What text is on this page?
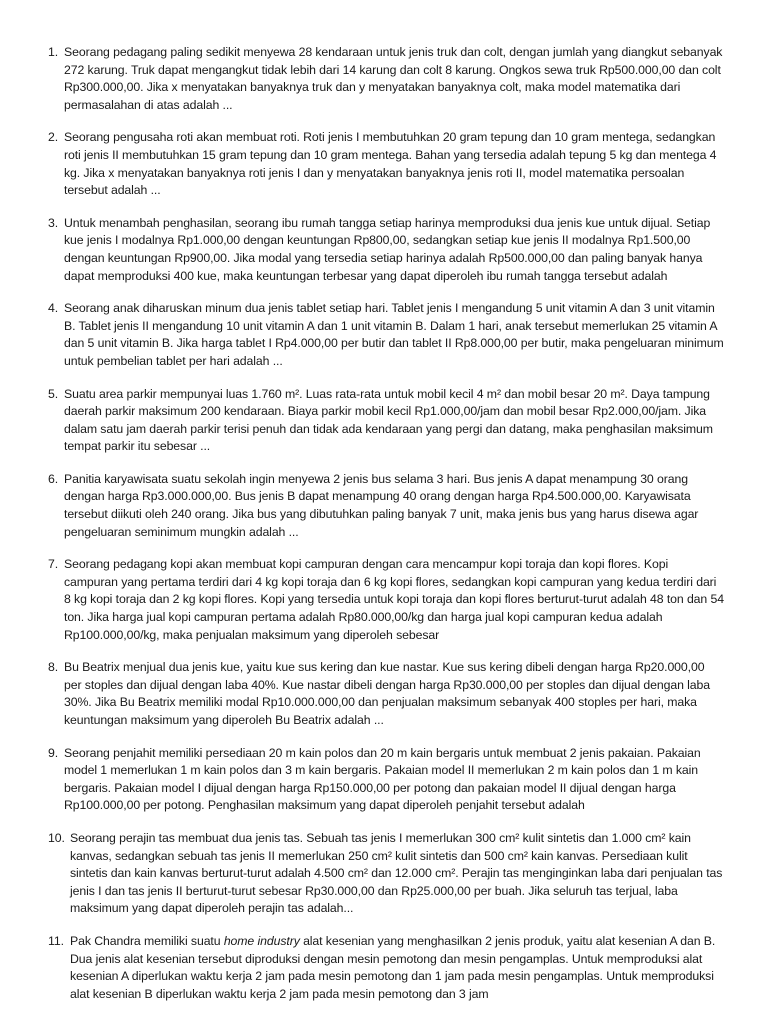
1. Seorang pedagang paling sedikit menyewa 28 kendaraan untuk jenis truk dan colt, dengan jumlah yang diangkut sebanyak 272 karung. Truk dapat mengangkut tidak lebih dari 14 karung dan colt 8 karung. Ongkos sewa truk Rp500.000,00 dan colt Rp300.000,00. Jika x menyatakan banyaknya truk dan y menyatakan banyaknya colt, maka model matematika dari permasalahan di atas adalah ...
2. Seorang pengusaha roti akan membuat roti. Roti jenis I membutuhkan 20 gram tepung dan 10 gram mentega, sedangkan roti jenis II membutuhkan 15 gram tepung dan 10 gram mentega. Bahan yang tersedia adalah tepung 5 kg dan mentega 4 kg. Jika x menyatakan banyaknya roti jenis I dan y menyatakan banyaknya jenis roti II, model matematika persoalan tersebut adalah ...
3. Untuk menambah penghasilan, seorang ibu rumah tangga setiap harinya memproduksi dua jenis kue untuk dijual. Setiap kue jenis I modalnya Rp1.000,00 dengan keuntungan Rp800,00, sedangkan setiap kue jenis II modalnya Rp1.500,00 dengan keuntungan Rp900,00. Jika modal yang tersedia setiap harinya adalah Rp500.000,00 dan paling banyak hanya dapat memproduksi 400 kue, maka keuntungan terbesar yang dapat diperoleh ibu rumah tangga tersebut adalah
4. Seorang anak diharuskan minum dua jenis tablet setiap hari. Tablet jenis I mengandung 5 unit vitamin A dan 3 unit vitamin B. Tablet jenis II mengandung 10 unit vitamin A dan 1 unit vitamin B. Dalam 1 hari, anak tersebut memerlukan 25 vitamin A dan 5 unit vitamin B. Jika harga tablet I Rp4.000,00 per butir dan tablet II Rp8.000,00 per butir, maka pengeluaran minimum untuk pembelian tablet per hari adalah ...
5. Suatu area parkir mempunyai luas 1.760 m². Luas rata-rata untuk mobil kecil 4 m² dan mobil besar 20 m². Daya tampung daerah parkir maksimum 200 kendaraan. Biaya parkir mobil kecil Rp1.000,00/jam dan mobil besar Rp2.000,00/jam. Jika dalam satu jam daerah parkir terisi penuh dan tidak ada kendaraan yang pergi dan datang, maka penghasilan maksimum tempat parkir itu sebesar ...
6. Panitia karyawisata suatu sekolah ingin menyewa 2 jenis bus selama 3 hari. Bus jenis A dapat menampung 30 orang dengan harga Rp3.000.000,00. Bus jenis B dapat menampung 40 orang dengan harga Rp4.500.000,00. Karyawisata tersebut diikuti oleh 240 orang. Jika bus yang dibutuhkan paling banyak 7 unit, maka jenis bus yang harus disewa agar pengeluaran seminimum mungkin adalah ...
7. Seorang pedagang kopi akan membuat kopi campuran dengan cara mencampur kopi toraja dan kopi flores. Kopi campuran yang pertama terdiri dari 4 kg kopi toraja dan 6 kg kopi flores, sedangkan kopi campuran yang kedua terdiri dari 8 kg kopi toraja dan 2 kg kopi flores. Kopi yang tersedia untuk kopi toraja dan kopi flores berturut-turut adalah 48 ton dan 54 ton. Jika harga jual kopi campuran pertama adalah Rp80.000,00/kg dan harga jual kopi campuran kedua adalah Rp100.000,00/kg, maka penjualan maksimum yang diperoleh sebesar
8. Bu Beatrix menjual dua jenis kue, yaitu kue sus kering dan kue nastar. Kue sus kering dibeli dengan harga Rp20.000,00 per stoples dan dijual dengan laba 40%. Kue nastar dibeli dengan harga Rp30.000,00 per stoples dan dijual dengan laba 30%. Jika Bu Beatrix memiliki modal Rp10.000.000,00 dan penjualan maksimum sebanyak 400 stoples per hari, maka keuntungan maksimum yang diperoleh Bu Beatrix adalah ...
9. Seorang penjahit memiliki persediaan 20 m kain polos dan 20 m kain bergaris untuk membuat 2 jenis pakaian. Pakaian model 1 memerlukan 1 m kain polos dan 3 m kain bergaris. Pakaian model II memerlukan 2 m kain polos dan 1 m kain bergaris. Pakaian model I dijual dengan harga Rp150.000,00 per potong dan pakaian model II dijual dengan harga Rp100.000,00 per potong. Penghasilan maksimum yang dapat diperoleh penjahit tersebut adalah
10. Seorang perajin tas membuat dua jenis tas. Sebuah tas jenis I memerlukan 300 cm² kulit sintetis dan 1.000 cm² kain kanvas, sedangkan sebuah tas jenis II memerlukan 250 cm² kulit sintetis dan 500 cm² kain kanvas. Persediaan kulit sintetis dan kain kanvas berturut-turut adalah 4.500 cm² dan 12.000 cm². Perajin tas menginginkan laba dari penjualan tas jenis I dan tas jenis II berturut-turut sebesar Rp30.000,00 dan Rp25.000,00 per buah. Jika seluruh tas terjual, laba maksimum yang dapat diperoleh perajin tas adalah...
11. Pak Chandra memiliki suatu home industry alat kesenian yang menghasilkan 2 jenis produk, yaitu alat kesenian A dan B. Dua jenis alat kesenian tersebut diproduksi dengan mesin pemotong dan mesin pengamplas. Untuk memproduksi alat kesenian A diperlukan waktu kerja 2 jam pada mesin pemotong dan 1 jam pada mesin pengamplas. Untuk memproduksi alat kesenian B diperlukan waktu kerja 2 jam pada mesin pemotong dan 3 jam
